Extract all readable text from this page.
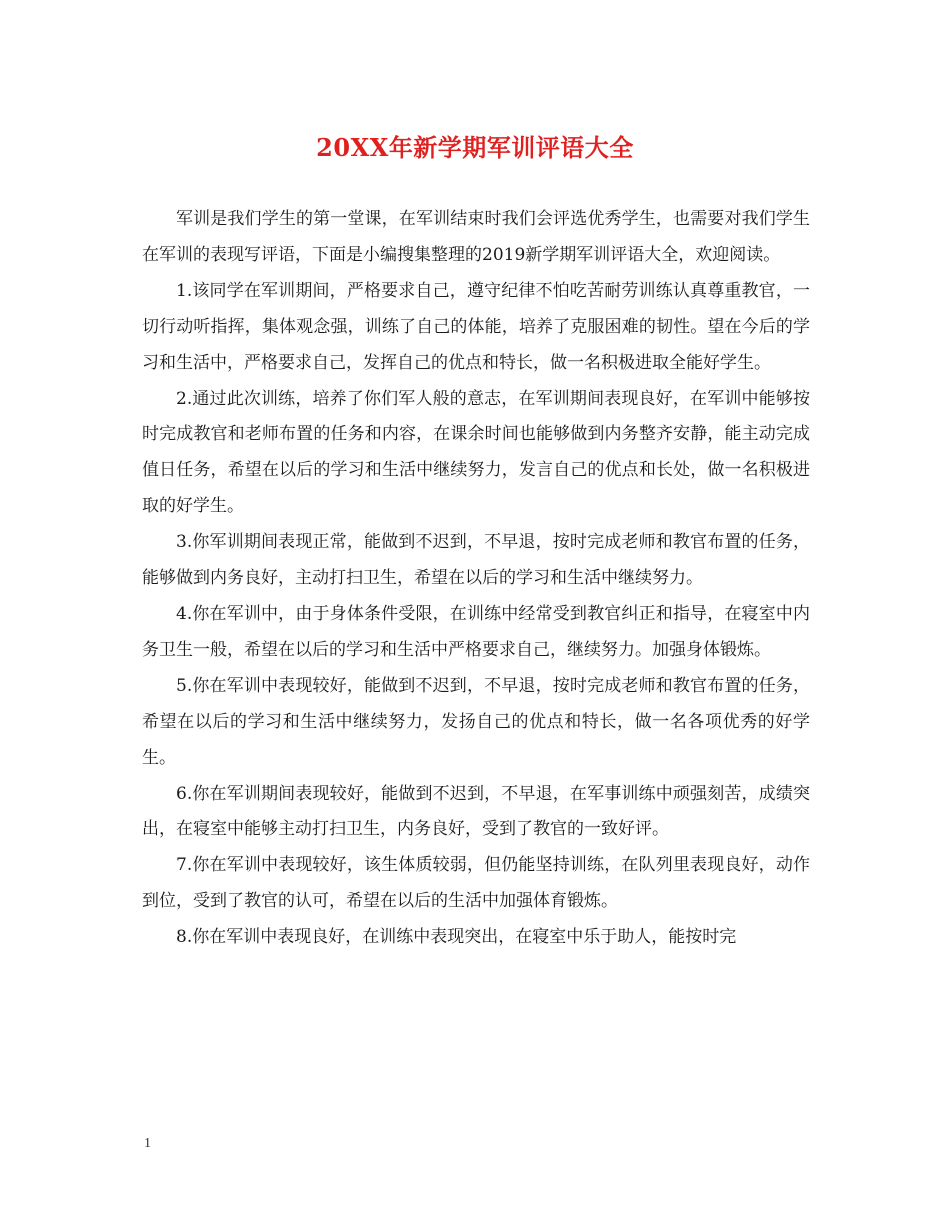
20XX年新学期军训评语大全

军训是我们学生的第一堂课，在军训结束时我们会评选优秀学生，也需要对我们学生在军训的表现写评语，下面是小编搜集整理的2019新学期军训评语大全，欢迎阅读。

1.该同学在军训期间，严格要求自己，遵守纪律不怕吃苦耐劳训练认真尊重教官，一切行动听指挥，集体观念强，训练了自己的体能，培养了克服困难的韧性。望在今后的学习和生活中，严格要求自己，发挥自己的优点和特长，做一名积极进取全能好学生。

2.通过此次训练，培养了你们军人般的意志，在军训期间表现良好，在军训中能够按时完成教官和老师布置的任务和内容，在课余时间也能够做到内务整齐安静，能主动完成值日任务，希望在以后的学习和生活中继续努力，发言自己的优点和长处，做一名积极进取的好学生。

3.你军训期间表现正常，能做到不迟到，不早退，按时完成老师和教官布置的任务，能够做到内务良好，主动打扫卫生，希望在以后的学习和生活中继续努力。

4.你在军训中，由于身体条件受限，在训练中经常受到教官纠正和指导，在寝室中内务卫生一般，希望在以后的学习和生活中严格要求自己，继续努力。加强身体锻炼。

5.你在军训中表现较好，能做到不迟到，不早退，按时完成老师和教官布置的任务，希望在以后的学习和生活中继续努力，发扬自己的优点和特长，做一名各项优秀的好学生。

6.你在军训期间表现较好，能做到不迟到，不早退，在军事训练中顽强刻苦，成绩突出，在寝室中能够主动打扫卫生，内务良好，受到了教官的一致好评。

7.你在军训中表现较好，该生体质较弱，但仍能坚持训练，在队列里表现良好，动作到位，受到了教官的认可，希望在以后的生活中加强体育锻炼。

8.你在军训中表现良好，在训练中表现突出，在寝室中乐于助人，能按时完

1
